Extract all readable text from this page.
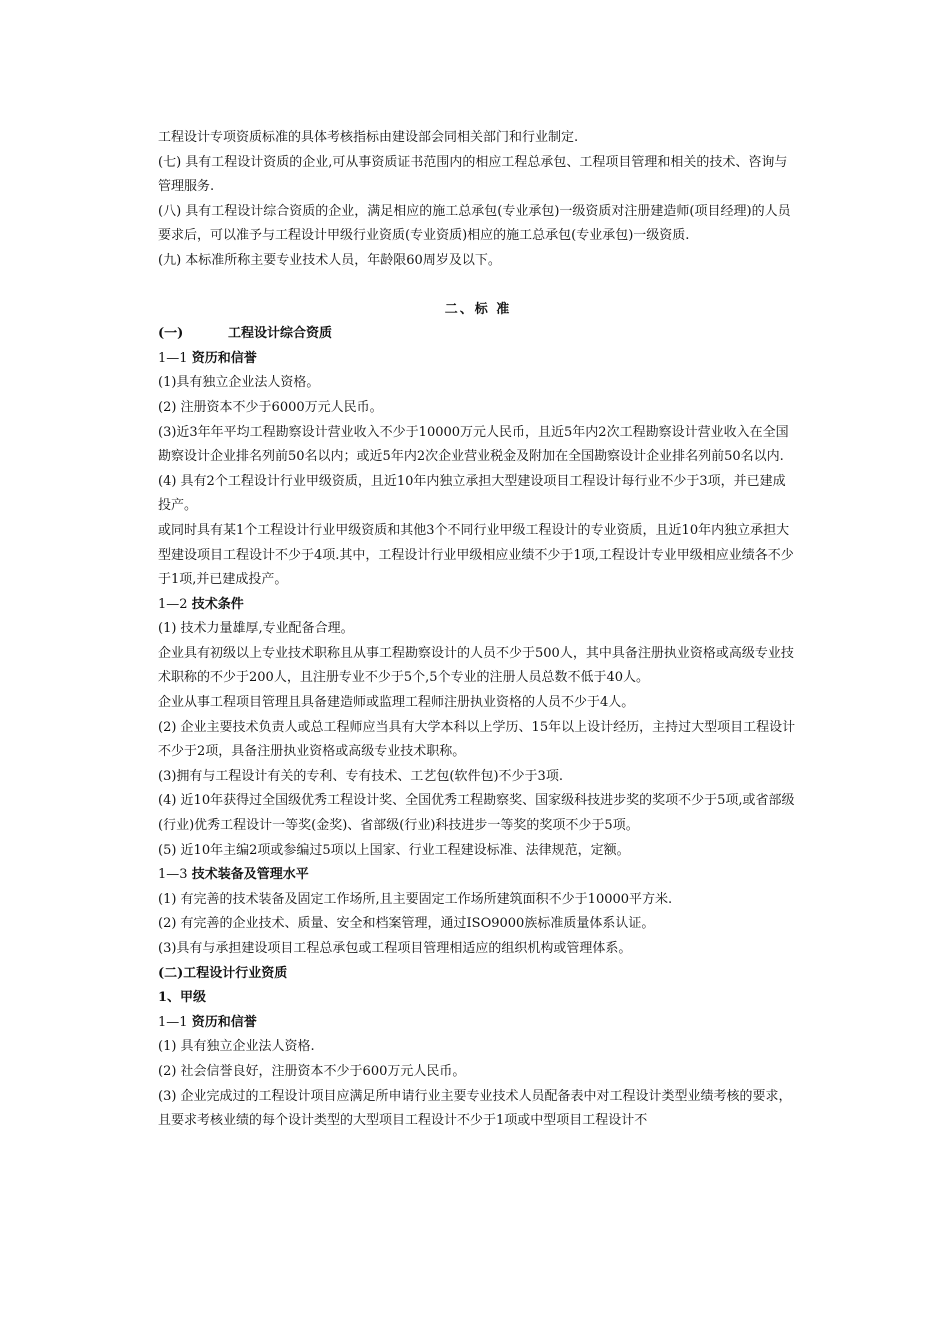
工程设计专项资质标准的具体考核指标由建设部会同相关部门和行业制定.

(七) 具有工程设计资质的企业,可从事资质证书范围内的相应工程总承包、工程项目管理和相关的技术、咨询与管理服务.

(八) 具有工程设计综合资质的企业，满足相应的施工总承包(专业承包)一级资质对注册建造师(项目经理)的人员要求后，可以准予与工程设计甲级行业资质(专业资质)相应的施工总承包(专业承包)一级资质.

(九) 本标准所称主要专业技术人员，年龄限60周岁及以下。

二、标 准

(一)	工程设计综合资质

1—1 资历和信誉

(1)具有独立企业法人资格。

(2) 注册资本不少于6000万元人民币。

(3)近3年年平均工程勘察设计营业收入不少于10000万元人民币，且近5年内2次工程勘察设计营业收入在全国勘察设计企业排名列前50名以内；或近5年内2次企业营业税金及附加在全国勘察设计企业排名列前50名以内.

(4) 具有2个工程设计行业甲级资质，且近10年内独立承担大型建设项目工程设计每行业不少于3项，并已建成投产。

或同时具有某1个工程设计行业甲级资质和其他3个不同行业甲级工程设计的专业资质，且近10年内独立承担大型建设项目工程设计不少于4项.其中，工程设计行业甲级相应业绩不少于1项,工程设计专业甲级相应业绩各不少于1项,并已建成投产。

1—2 技术条件

(1) 技术力量雄厚,专业配备合理。

企业具有初级以上专业技术职称且从事工程勘察设计的人员不少于500人，其中具备注册执业资格或高级专业技术职称的不少于200人，且注册专业不少于5个,5个专业的注册人员总数不低于40人。

企业从事工程项目管理且具备建造师或监理工程师注册执业资格的人员不少于4人。

(2) 企业主要技术负责人或总工程师应当具有大学本科以上学历、15年以上设计经历，主持过大型项目工程设计不少于2项，具备注册执业资格或高级专业技术职称。

(3)拥有与工程设计有关的专利、专有技术、工艺包(软件包)不少于3项.

(4) 近10年获得过全国级优秀工程设计奖、全国优秀工程勘察奖、国家级科技进步奖的奖项不少于5项,或省部级(行业)优秀工程设计一等奖(金奖)、省部级(行业)科技进步一等奖的奖项不少于5项。

(5) 近10年主编2项或参编过5项以上国家、行业工程建设标准、法律规范，定额。

1—3 技术装备及管理水平

(1) 有完善的技术装备及固定工作场所,且主要固定工作场所建筑面积不少于10000平方米.

(2) 有完善的企业技术、质量、安全和档案管理，通过ISO9000族标准质量体系认证。

(3)具有与承担建设项目工程总承包或工程项目管理相适应的组织机构或管理体系。

(二)工程设计行业资质

1、甲级

1—1 资历和信誉

(1) 具有独立企业法人资格.

(2) 社会信誉良好，注册资本不少于600万元人民币。

(3) 企业完成过的工程设计项目应满足所申请行业主要专业技术人员配备表中对工程设计类型业绩考核的要求，且要求考核业绩的每个设计类型的大型项目工程设计不少于1项或中型项目工程设计不
